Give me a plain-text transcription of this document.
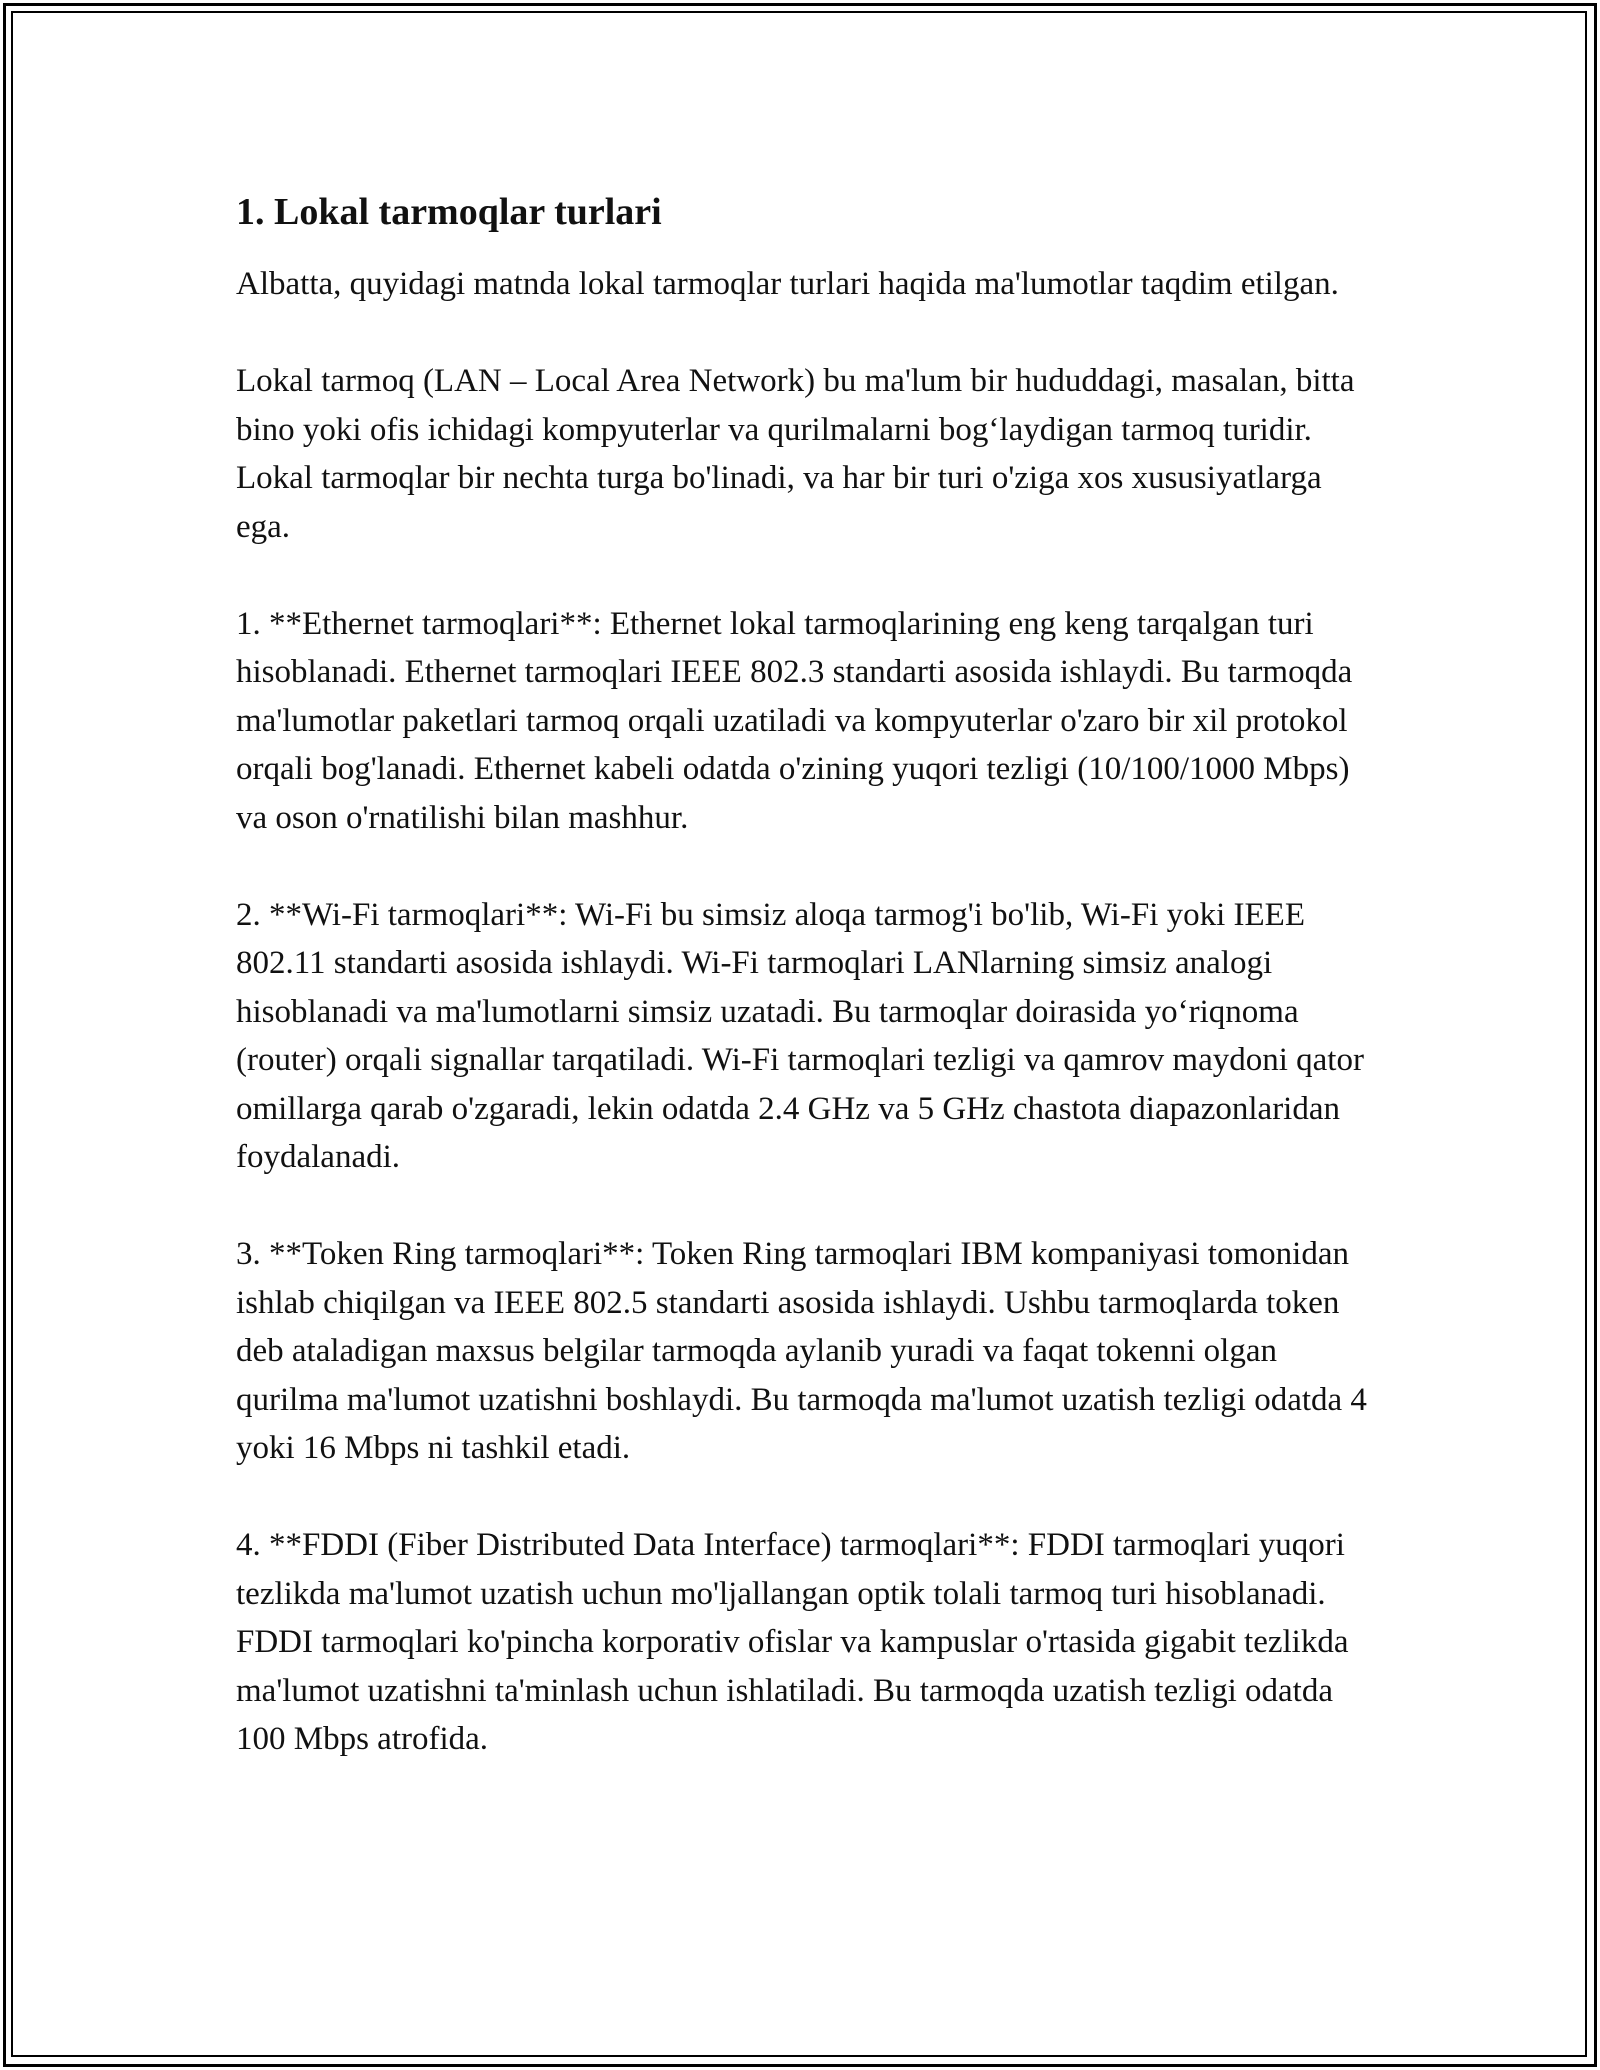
1. Lokal tarmoqlar turlari

Albatta, quyidagi matnda lokal tarmoqlar turlari haqida ma'lumotlar taqdim etilgan.

Lokal tarmoq (LAN – Local Area Network) bu ma'lum bir hududdagi, masalan, bitta bino yoki ofis ichidagi kompyuterlar va qurilmalarni bog‘laydigan tarmoq turidir. Lokal tarmoqlar bir nechta turga bo'linadi, va har bir turi o'ziga xos xususiyatlarga ega.

1. **Ethernet tarmoqlari**: Ethernet lokal tarmoqlarining eng keng tarqalgan turi hisoblanadi. Ethernet tarmoqlari IEEE 802.3 standarti asosida ishlaydi. Bu tarmoqda ma'lumotlar paketlari tarmoq orqali uzatiladi va kompyuterlar o'zaro bir xil protokol orqali bog'lanadi. Ethernet kabeli odatda o'zining yuqori tezligi (10/100/1000 Mbps) va oson o'rnatilishi bilan mashhur.

2. **Wi-Fi tarmoqlari**: Wi-Fi bu simsiz aloqa tarmog'i bo'lib, Wi-Fi yoki IEEE 802.11 standarti asosida ishlaydi. Wi-Fi tarmoqlari LANlarning simsiz analogi hisoblanadi va ma'lumotlarni simsiz uzatadi. Bu tarmoqlar doirasida yo‘riqnoma (router) orqali signallar tarqatiladi. Wi-Fi tarmoqlari tezligi va qamrov maydoni qator omillarga qarab o'zgaradi, lekin odatda 2.4 GHz va 5 GHz chastota diapazonlaridan foydalanadi.

3. **Token Ring tarmoqlari**: Token Ring tarmoqlari IBM kompaniyasi tomonidan ishlab chiqilgan va IEEE 802.5 standarti asosida ishlaydi. Ushbu tarmoqlarda token deb ataladigan maxsus belgilar tarmoqda aylanib yuradi va faqat tokenni olgan qurilma ma'lumot uzatishni boshlaydi. Bu tarmoqda ma'lumot uzatish tezligi odatda 4 yoki 16 Mbps ni tashkil etadi.

4. **FDDI (Fiber Distributed Data Interface) tarmoqlari**: FDDI tarmoqlari yuqori tezlikda ma'lumot uzatish uchun mo'ljallangan optik tolali tarmoq turi hisoblanadi. FDDI tarmoqlari ko'pincha korporativ ofislar va kampuslar o'rtasida gigabit tezlikda ma'lumot uzatishni ta'minlash uchun ishlatiladi. Bu tarmoqda uzatish tezligi odatda 100 Mbps atrofida.
